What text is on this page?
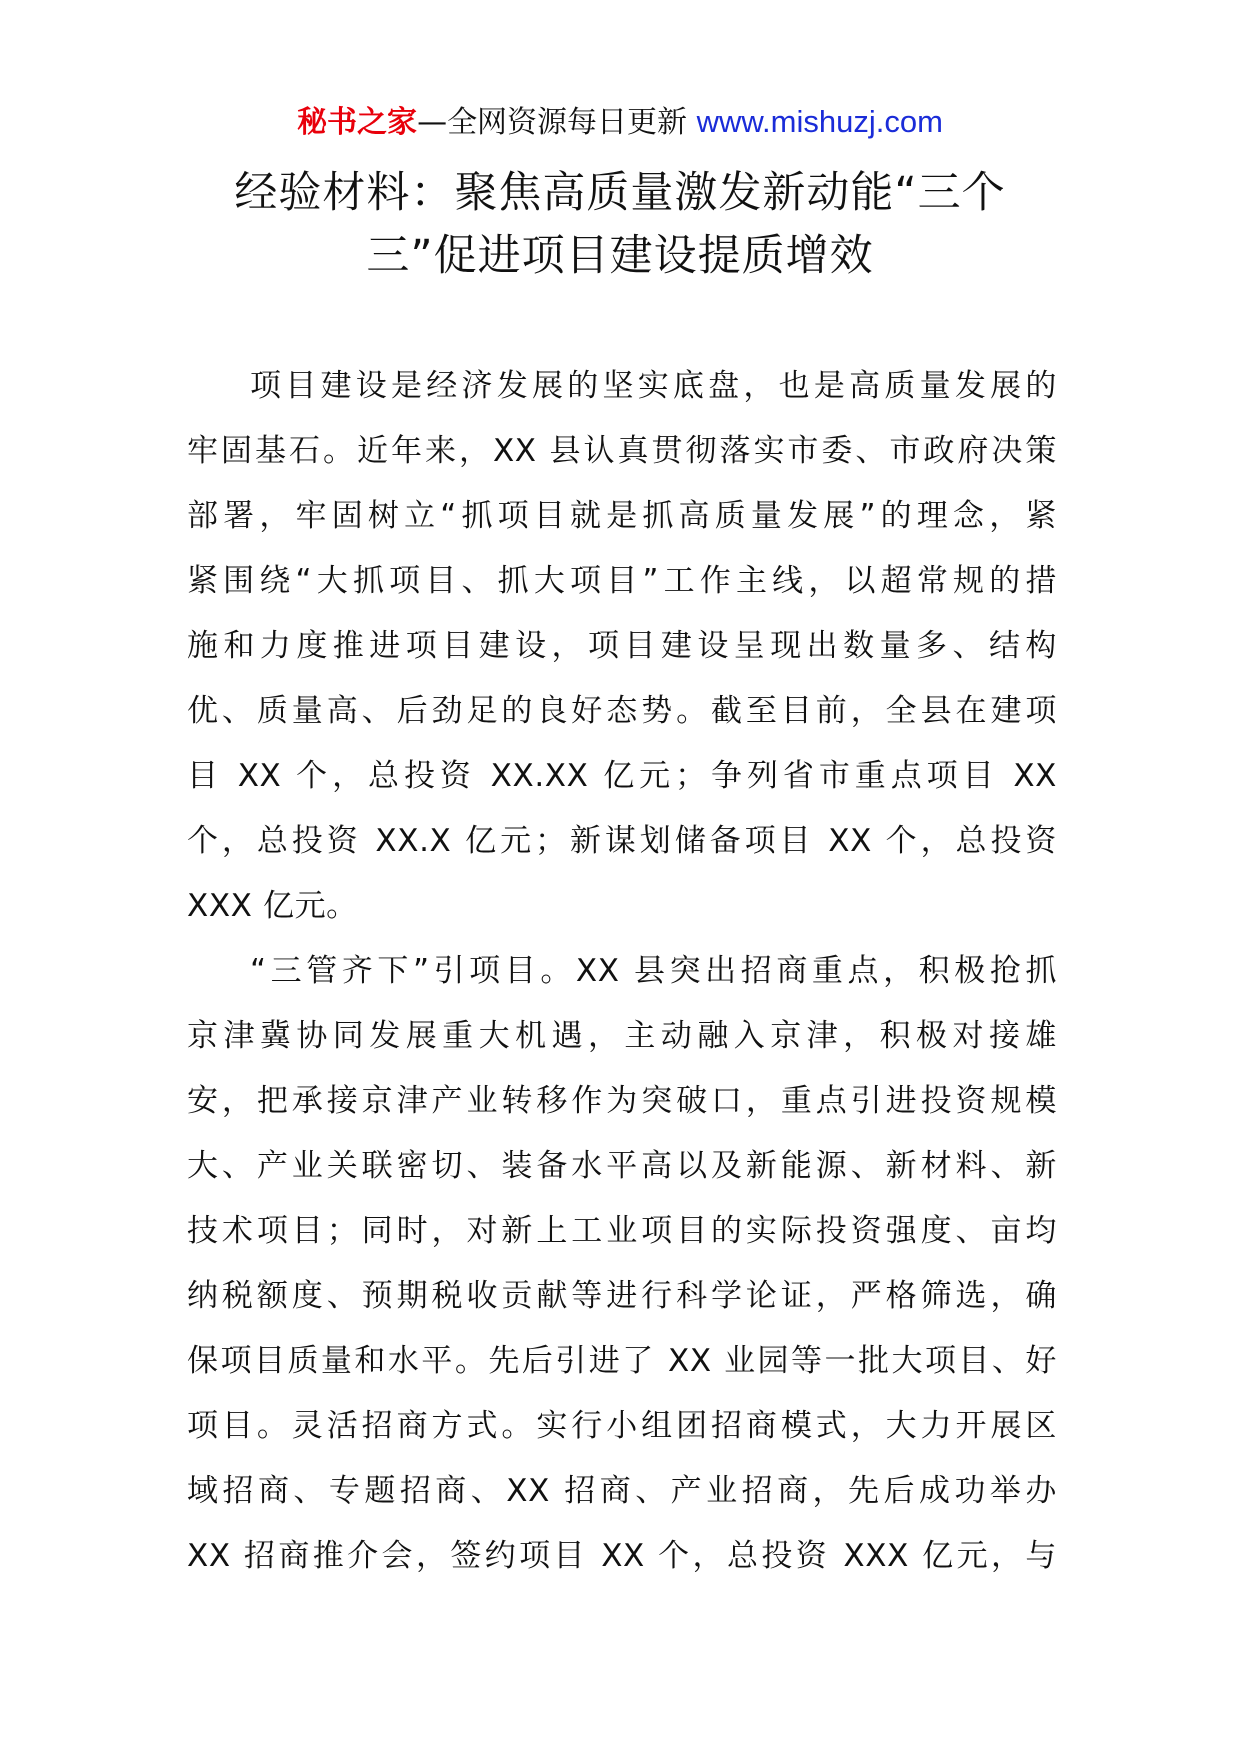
秘书之家—全网资源每日更新 www.mishuzj.com
经验材料：聚焦高质量激发新动能“三个
三”促进项目建设提质增效
项目建设是经济发展的坚实底盘，也是高质量发展的
牢固基石。近年来，XX 县认真贯彻落实市委、市政府决策
部署，牢固树立“抓项目就是抓高质量发展”的理念，紧
紧围绕“大抓项目、抓大项目”工作主线，以超常规的措
施和力度推进项目建设，项目建设呈现出数量多、结构
优、质量高、后劲足的良好态势。截至目前，全县在建项
目 XX 个，总投资 XX.XX 亿元；争列省市重点项目 XX
个，总投资 XX.X 亿元；新谋划储备项目 XX 个，总投资
XXX 亿元。
“三管齐下”引项目。XX 县突出招商重点，积极抢抓
京津冀协同发展重大机遇，主动融入京津，积极对接雄
安，把承接京津产业转移作为突破口，重点引进投资规模
大、产业关联密切、装备水平高以及新能源、新材料、新
技术项目；同时，对新上工业项目的实际投资强度、亩均
纳税额度、预期税收贡献等进行科学论证，严格筛选，确
保项目质量和水平。先后引进了 XX 业园等一批大项目、好
项目。灵活招商方式。实行小组团招商模式，大力开展区
域招商、专题招商、XX 招商、产业招商，先后成功举办
XX 招商推介会，签约项目 XX 个，总投资 XXX 亿元，与
